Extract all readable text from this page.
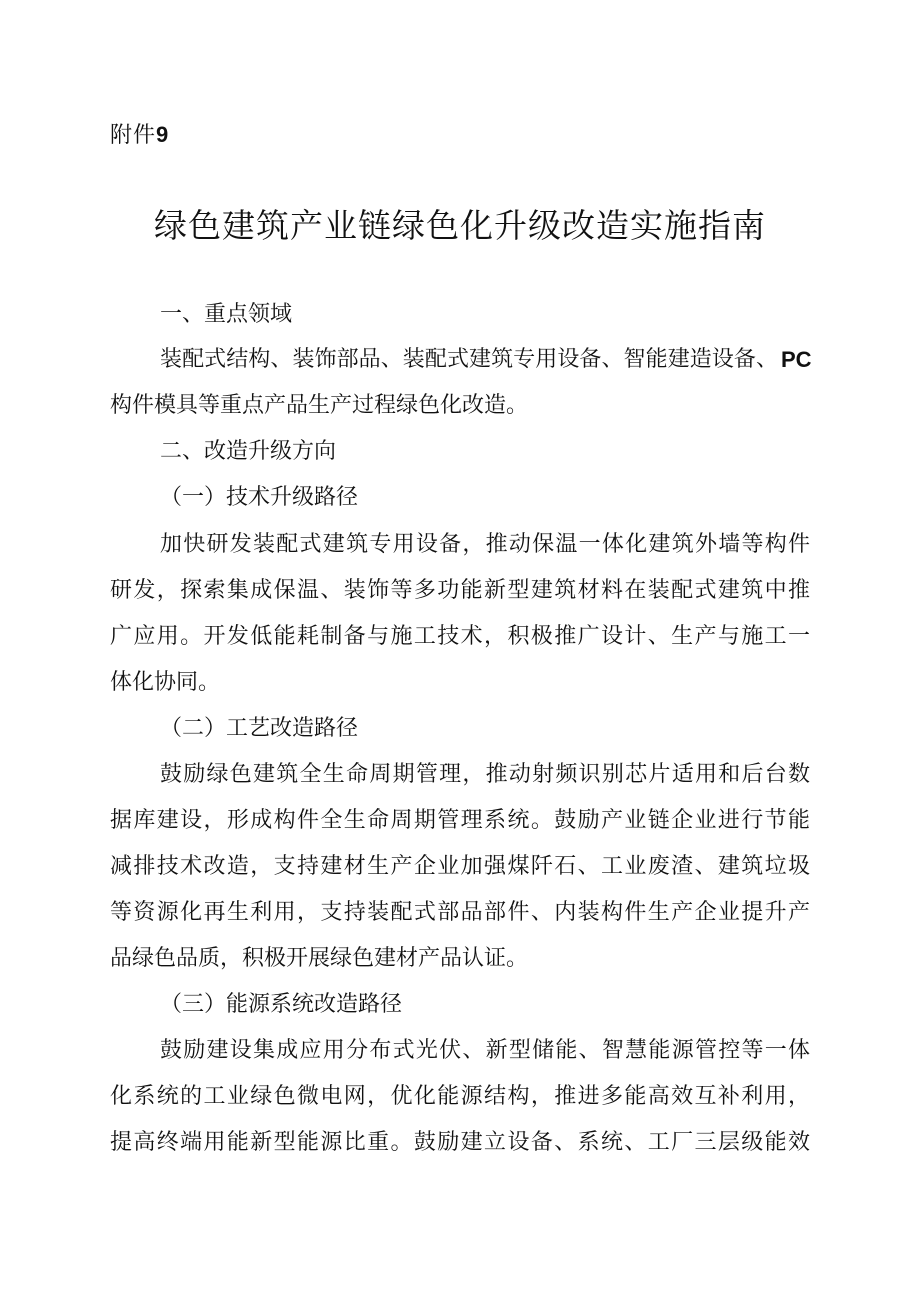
附件9
绿色建筑产业链绿色化升级改造实施指南
一、重点领域
装配式结构、装饰部品、装配式建筑专用设备、智能建造设备、 PC
构件模具等重点产品生产过程绿色化改造。
二、改造升级方向
（一）技术升级路径
加快研发装配式建筑专用设备，推动保温一体化建筑外墙等构件
研发，探索集成保温、装饰等多功能新型建筑材料在装配式建筑中推
广应用。开发低能耗制备与施工技术，积极推广设计、生产与施工一
体化协同。
（二）工艺改造路径
鼓励绿色建筑全生命周期管理，推动射频识别芯片适用和后台数
据库建设，形成构件全生命周期管理系统。鼓励产业链企业进行节能
减排技术改造，支持建材生产企业加强煤阡石、工业废渣、建筑垃圾
等资源化再生利用，支持装配式部品部件、内装构件生产企业提升产
品绿色品质，积极开展绿色建材产品认证。
（三）能源系统改造路径
鼓励建设集成应用分布式光伏、新型储能、智慧能源管控等一体
化系统的工业绿色微电网，优化能源结构，推进多能高效互补利用，
提高终端用能新型能源比重。鼓励建立设备、系统、工厂三层级能效
